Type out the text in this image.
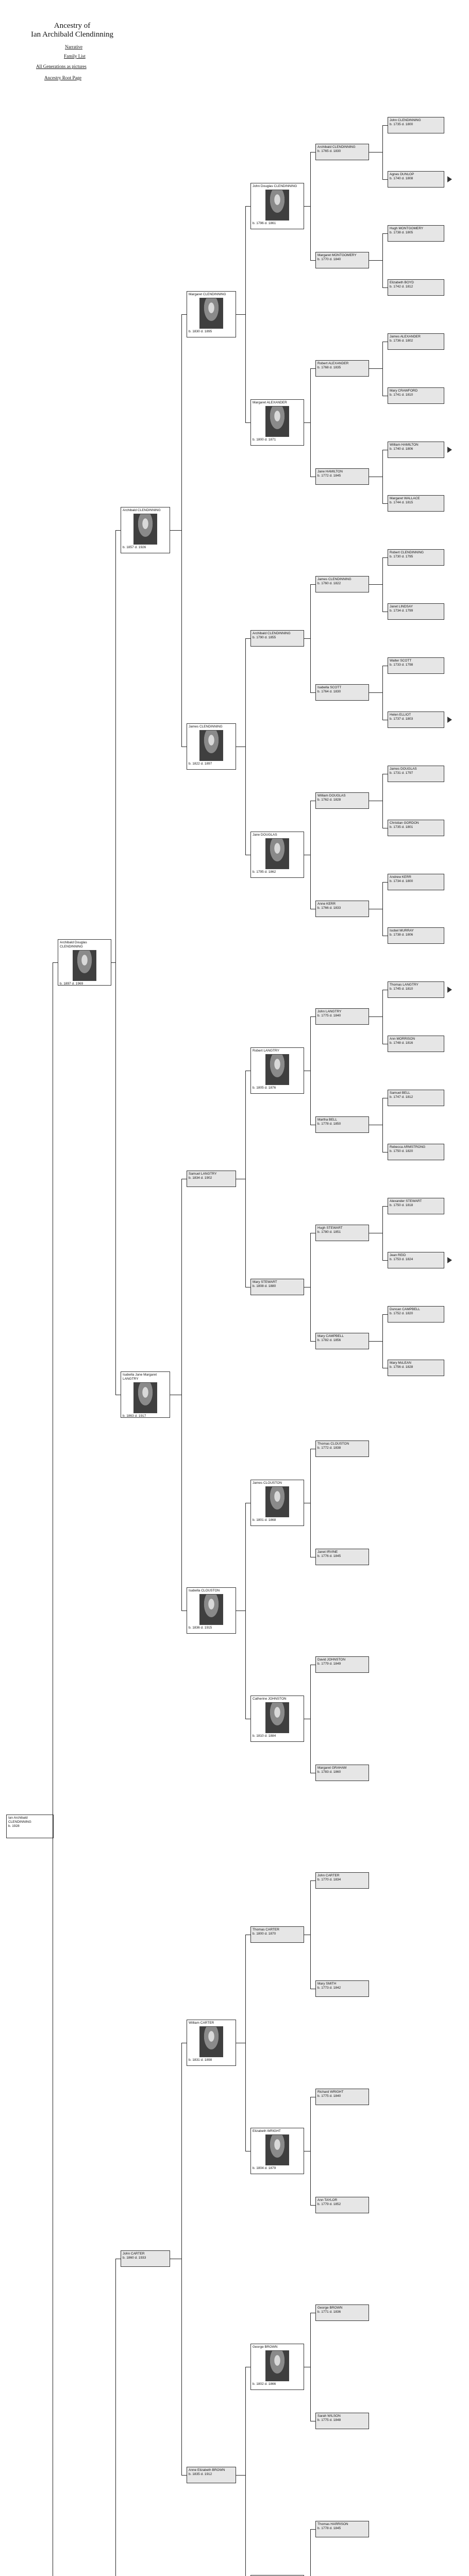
Ancestry of
Ian Archibald Clendinning
Narrative
Family List
All Generations as pictures
Ancestry Root Page
Ian Archibald CLENDINNING
b. 1928
Archibald Douglas CLENDINNING
b. 1897 d. 1969
Archibald CLENDINNING
b. 1857 d. 1926
Margaret CLENDINNING
b. 1830 d. 1895
John Douglas CLENDINNING
b. 1796 d. 1861
Archibald CLENDINNING
b. 1765 d. 1830
John CLENDINNING
b. 1735 d. 1800
Agnes DUNLOP
b. 1740 d. 1808
Margaret MONTGOMERY
b. 1770 d. 1840
Hugh MONTGOMERY
b. 1738 d. 1805
Elizabeth BOYD
b. 1742 d. 1812
Margaret ALEXANDER
b. 1800 d. 1871
Robert ALEXANDER
b. 1768 d. 1835
James ALEXANDER
b. 1736 d. 1802
Mary CRAWFORD
b. 1741 d. 1810
Jane HAMILTON
b. 1772 d. 1845
William HAMILTON
b. 1740 d. 1806
Margaret WALLACE
b. 1744 d. 1815
James CLENDINNING
b. 1822 d. 1897
Archibald CLENDINNING
b. 1790 d. 1855
James CLENDINNING
b. 1760 d. 1822
Robert CLENDINNING
b. 1730 d. 1795
Janet LINDSAY
b. 1734 d. 1799
Isabella SCOTT
b. 1764 d. 1830
Walter SCOTT
b. 1733 d. 1798
Helen ELLIOT
b. 1737 d. 1803
Jane DOUGLAS
b. 1795 d. 1862
William DOUGLAS
b. 1762 d. 1828
James DOUGLAS
b. 1731 d. 1797
Christian GORDON
b. 1735 d. 1801
Anne KERR
b. 1766 d. 1833
Andrew KERR
b. 1734 d. 1800
Isobel MURRAY
b. 1738 d. 1806
Isabella Jane Margaret LANGTRY
b. 1863 d. 1917
Samuel LANGTRY
b. 1834 d. 1902
Robert LANGTRY
b. 1805 d. 1876
John LANGTRY
b. 1775 d. 1840
Thomas LANGTRY
b. 1745 d. 1810
Ann MORRISON
b. 1748 d. 1816
Martha BELL
b. 1778 d. 1850
Samuel BELL
b. 1747 d. 1812
Rebecca ARMSTRONG
b. 1750 d. 1820
Mary STEWART
b. 1808 d. 1880
Hugh STEWART
b. 1780 d. 1851
Alexander STEWART
b. 1750 d. 1818
Jean REID
b. 1753 d. 1824
Mary CAMPBELL
b. 1782 d. 1856
Duncan CAMPBELL
b. 1752 d. 1820
Mary McLEAN
b. 1756 d. 1828
Isabella CLOUSTON
b. 1836 d. 1915
James CLOUSTON
b. 1801 d. 1868
Thomas CLOUSTON
b. 1772 d. 1838
Janet IRVINE
b. 1776 d. 1845
Catherine JOHNSTON
b. 1810 d. 1884
David JOHNSTON
b. 1779 d. 1849
Margaret GRAHAM
b. 1783 d. 1860
John CARTER
b. 1860 d. 1933
William CARTER
b. 1831 d. 1898
Thomas CARTER
b. 1800 d. 1870
John CARTER
b. 1770 d. 1834
Mary SMITH
b. 1773 d. 1842
Elizabeth WRIGHT
b. 1804 d. 1879
Richard WRIGHT
b. 1775 d. 1840
Ann TAYLOR
b. 1779 d. 1852
Anne Elizabeth BROWN
b. 1835 d. 1912
George BROWN
b. 1802 d. 1866
George BROWN
b. 1771 d. 1836
Sarah WILSON
b. 1775 d. 1848
Thomas HARRISON
b. 1778 d. 1845
